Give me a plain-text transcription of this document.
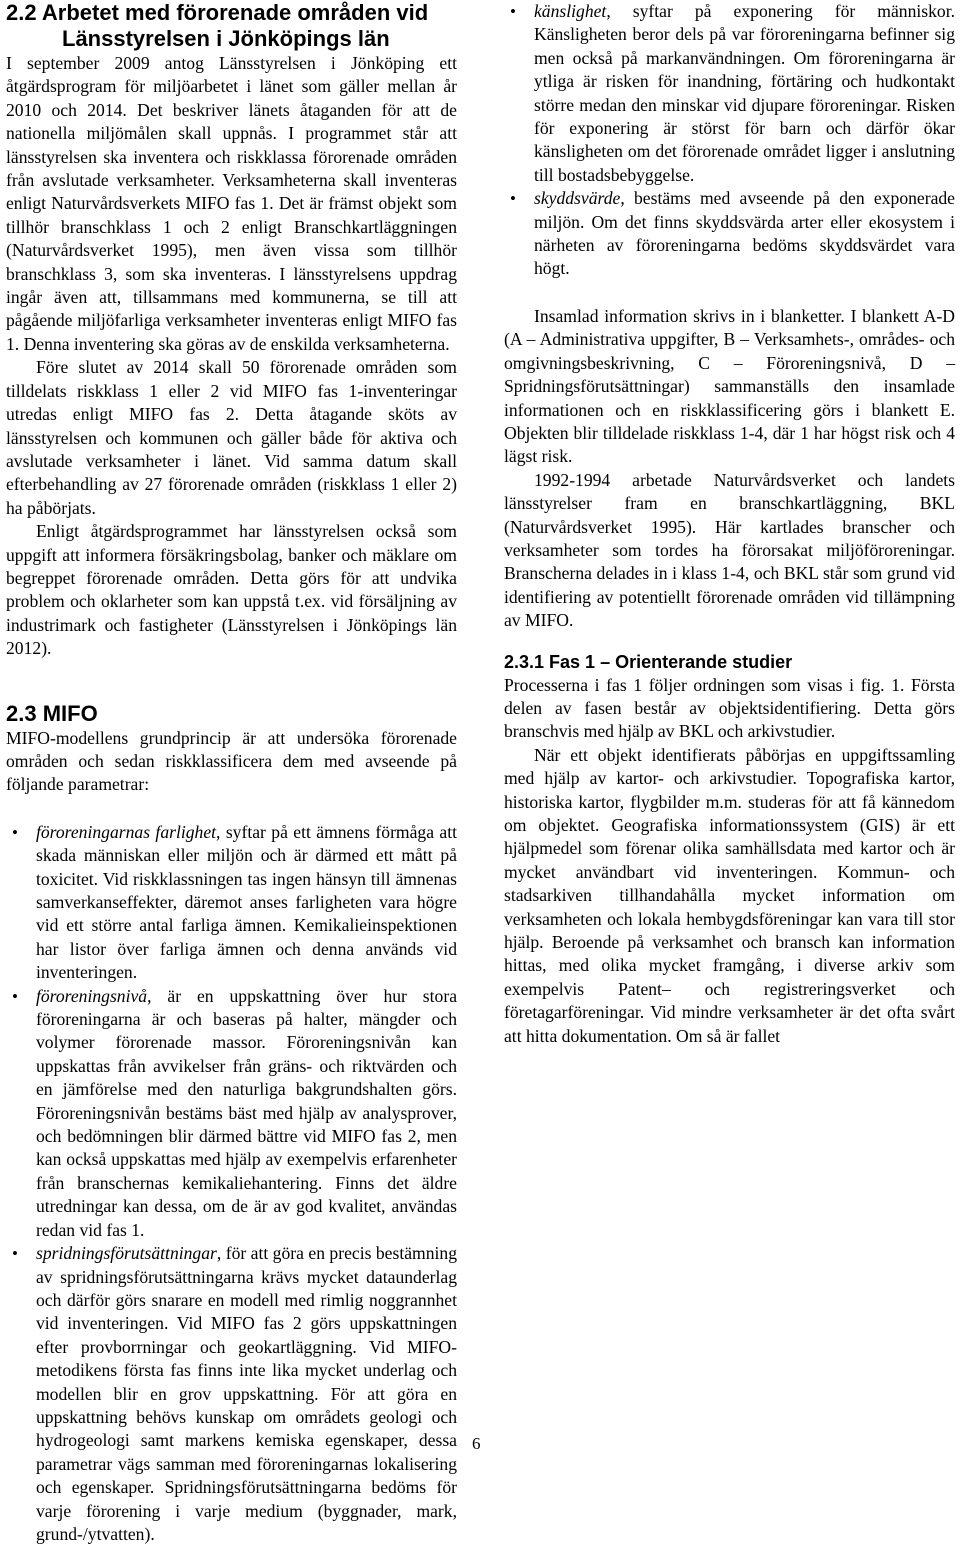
2.2 Arbetet med förorenade områden vid
Länsstyrelsen i Jönköpings län

I september 2009 antog Länsstyrelsen i Jönköping ett åtgärdsprogram för miljöarbetet i länet som gäller mellan år 2010 och 2014. Det beskriver länets åtaganden för att de nationella miljömålen skall uppnås. I programmet står att länsstyrelsen ska inventera och riskklassa förorenade områden från avslutade verksamheter. Verksamheterna skall inventeras enligt Naturvårdsverkets MIFO fas 1. Det är främst objekt som tillhör branschklass 1 och 2 enligt Branschkartläggningen (Naturvårdsverket 1995), men även vissa som tillhör branschklass 3, som ska inventeras. I länsstyrelsens uppdrag ingår även att, tillsammans med kommunerna, se till att pågående miljöfarliga verksamheter inventeras enligt MIFO fas 1. Denna inventering ska göras av de enskilda verksamheterna.

Före slutet av 2014 skall 50 förorenade områden som tilldelats riskklass 1 eller 2 vid MIFO fas 1-inventeringar utredas enligt MIFO fas 2. Detta åtagande sköts av länsstyrelsen och kommunen och gäller både för aktiva och avslutade verksamheter i länet. Vid samma datum skall efterbehandling av 27 förorenade områden (riskklass 1 eller 2) ha påbörjats.

Enligt åtgärdsprogrammet har länsstyrelsen också som uppgift att informera försäkringsbolag, banker och mäklare om begreppet förorenade områden. Detta görs för att undvika problem och oklarheter som kan uppstå t.ex. vid försäljning av industrimark och fastigheter (Länsstyrelsen i Jönköpings län 2012).

2.3 MIFO

MIFO-modellens grundprincip är att undersöka förorenade områden och sedan riskklassificera dem med avseende på följande parametrar:

• föroreningarnas farlighet, syftar på ett ämnens förmåga att skada människan eller miljön och är därmed ett mått på toxicitet. Vid riskklassningen tas ingen hänsyn till ämnenas samverkanseffekter, däremot anses farligheten vara högre vid ett större antal farliga ämnen. Kemikalieinspektionen har listor över farliga ämnen och denna används vid inventeringen.
• föroreningsnivå, är en uppskattning över hur stora föroreningarna är och baseras på halter, mängder och volymer förorenade massor. Föroreningsnivån kan uppskattas från avvikelser från gräns- och riktvärden och en jämförelse med den naturliga bakgrundshalten görs. Föroreningsnivån bestäms bäst med hjälp av analysprover, och bedömningen blir därmed bättre vid MIFO fas 2, men kan också uppskattas med hjälp av exempelvis erfarenheter från branschernas kemikaliehantering. Finns det äldre utredningar kan dessa, om de är av god kvalitet, användas redan vid fas 1.
• spridningsförutsättningar, för att göra en precis bestämning av spridningsförutsättningarna krävs mycket dataunderlag och därför görs snarare en modell med rimlig noggrannhet vid inventeringen. Vid MIFO fas 2 görs uppskattningen efter provborrningar och geokartläggning. Vid MIFO-metodikens första fas finns inte lika mycket underlag och modellen blir en grov uppskattning. För att göra en uppskattning behövs kunskap om områdets geologi och hydrogeologi samt markens kemiska egenskaper, dessa parametrar vägs samman med föroreningarnas lokalisering och egenskaper. Spridningsförutsättningarna bedöms för varje förorening i varje medium (byggnader, mark, grund-/ytvatten).
• känslighet, syftar på exponering för människor. Känsligheten beror dels på var föroreningarna befinner sig men också på markanvändningen. Om föroreningarna är ytliga är risken för inandning, förtäring och hudkontakt större medan den minskar vid djupare föroreningar. Risken för exponering är störst för barn och därför ökar känsligheten om det förorenade området ligger i anslutning till bostadsbebyggelse.
• skyddsvärde, bestäms med avseende på den exponerade miljön. Om det finns skyddsvärda arter eller ekosystem i närheten av föroreningarna bedöms skyddsvärdet vara högt.

Insamlad information skrivs in i blanketter. I blankett A-D (A – Administrativa uppgifter, B – Verksamhets-, områdes- och omgivningsbeskrivning, C – Föroreningsnivå, D – Spridningsförutsättningar) sammanställs den insamlade informationen och en riskklassificering görs i blankett E. Objekten blir tilldelade riskklass 1-4, där 1 har högst risk och 4 lägst risk.

1992-1994 arbetade Naturvårdsverket och landets länsstyrelser fram en branschkartläggning, BKL (Naturvårdsverket 1995). Här kartlades branscher och verksamheter som tordes ha förorsakat miljöföroreningar. Branscherna delades in i klass 1-4, och BKL står som grund vid identifiering av potentiellt förorenade områden vid tillämpning av MIFO.

2.3.1 Fas 1 – Orienterande studier

Processerna i fas 1 följer ordningen som visas i fig. 1. Första delen av fasen består av objektsidentifiering. Detta görs branschvis med hjälp av BKL och arkivstudier.

När ett objekt identifierats påbörjas en uppgiftssamling med hjälp av kartor- och arkivstudier. Topografiska kartor, historiska kartor, flygbilder m.m. studeras för att få kännedom om objektet. Geografiska informationssystem (GIS) är ett hjälpmedel som förenar olika samhällsdata med kartor och är mycket användbart vid inventeringen. Kommun- och stadsarkiven tillhandahålla mycket information om verksamheten och lokala hembygdsföreningar kan vara till stor hjälp. Beroende på verksamhet och bransch kan information hittas, med olika mycket framgång, i diverse arkiv som exempelvis Patent– och registreringsverket och företagarföreningar. Vid mindre verksamheter är det ofta svårt att hitta dokumentation. Om så är fallet

6
